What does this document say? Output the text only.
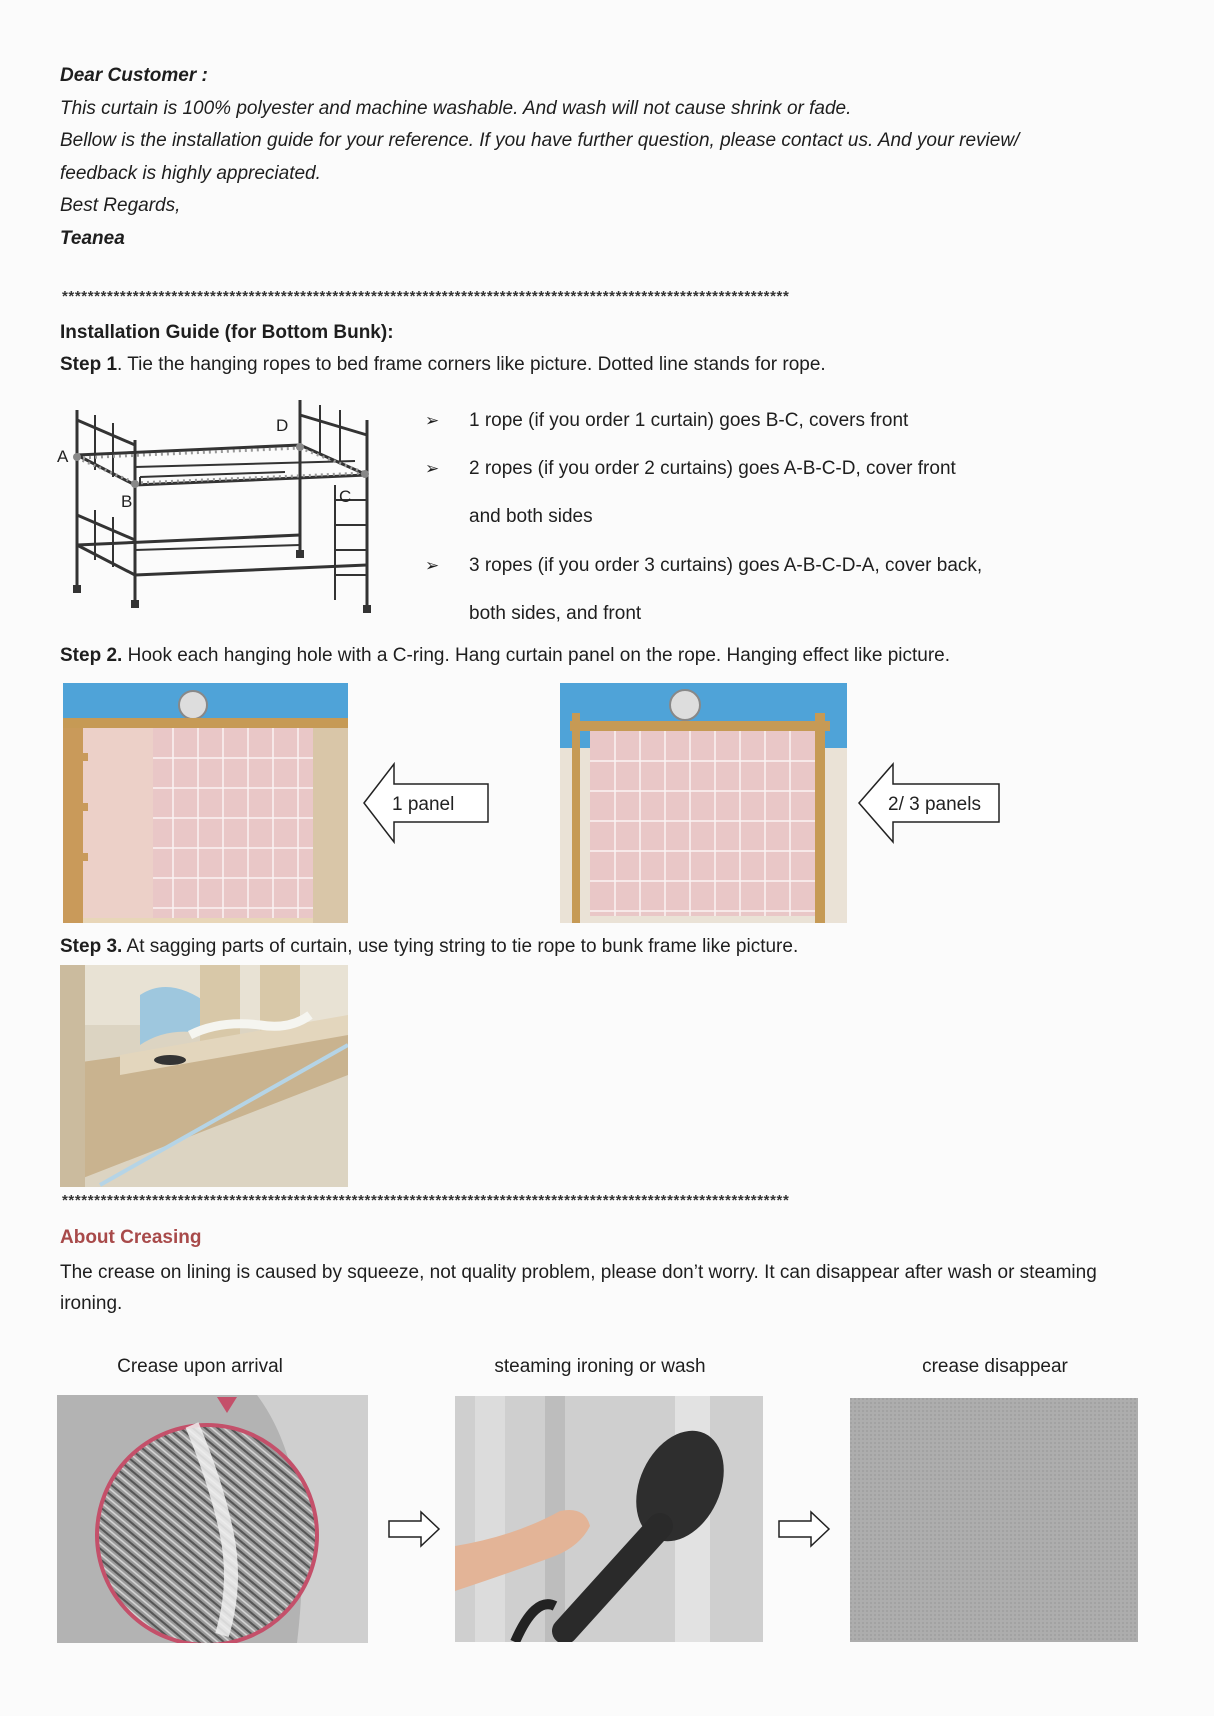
Dear Customer :
This curtain is 100% polyester and machine washable. And wash will not cause shrink or fade.
Bellow is the installation guide for your reference. If you have further question, please contact us. And your review/
feedback is highly appreciated.
Best Regards,
Teanea
*****************************************************************************************************************
Installation Guide (for Bottom Bunk):
Step 1. Tie the hanging ropes to bed frame corners like picture. Dotted line stands for rope.
A
B	C
D	➢ 1 rope (if you order 1 curtain) goes B-C, covers front
➢ 2 ropes (if you order 2 curtains) goes A-B-C-D, cover front
and both sides
➢ 3 ropes (if you order 3 curtains) goes A-B-C-D-A, cover back,
both sides, and front
Step 2. Hook each hanging hole with a C-ring. Hang curtain panel on the rope. Hanging effect like picture.
1 panel	2/ 3 panels
Step 3. At sagging parts of curtain, use tying string to tie rope to bunk frame like picture.
*****************************************************************************************************************
About Creasing
The crease on lining is caused by squeeze, not quality problem, please don’t worry. It can disappear after wash or steaming
ironing.
Crease upon arrival	steaming ironing or wash	crease disappear
